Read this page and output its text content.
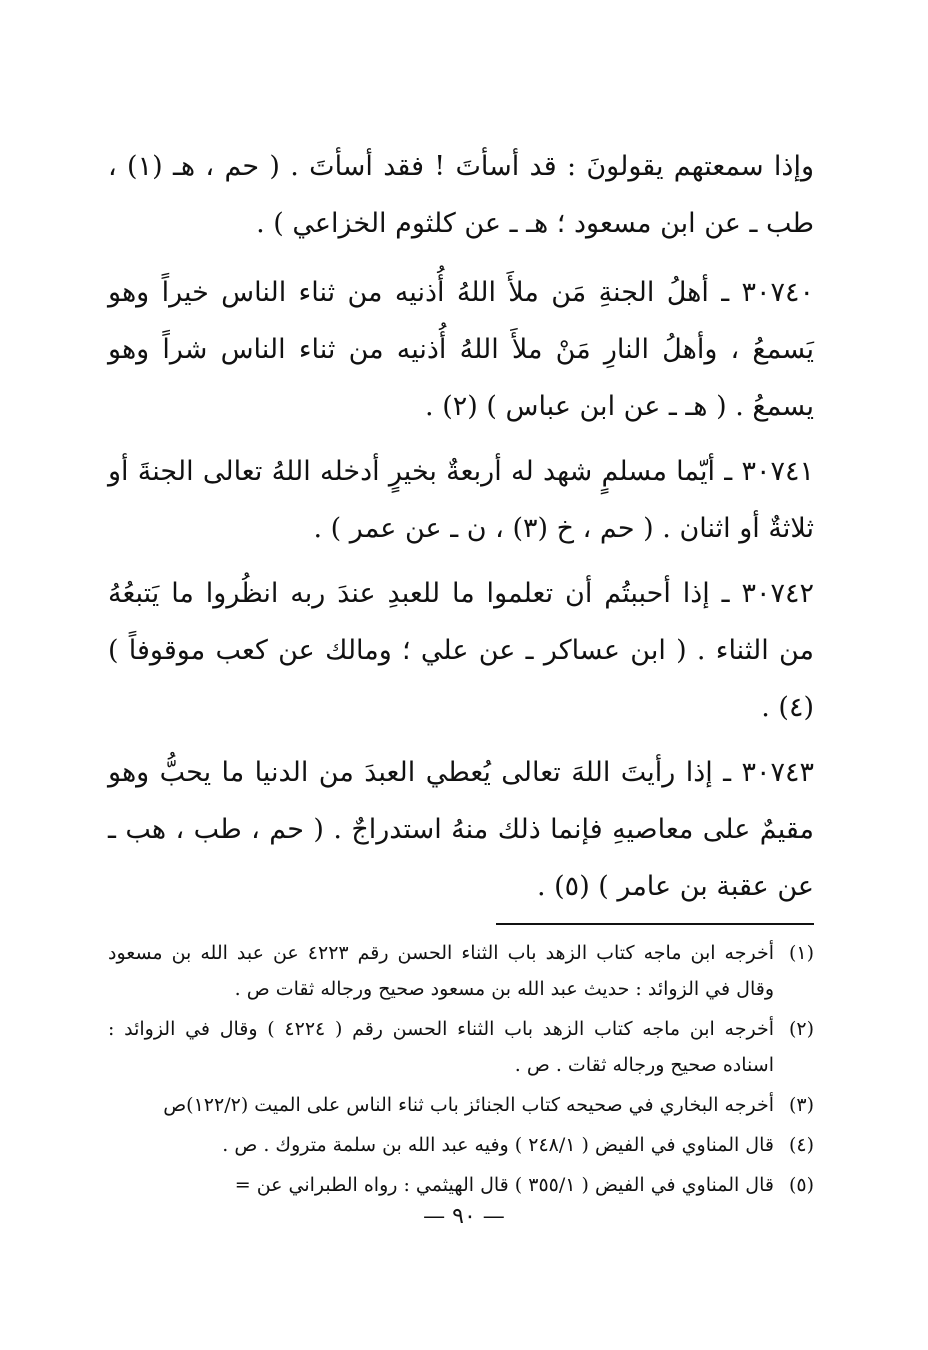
وإذا سمعتهم يقولونَ : قد أسأتَ ! فقد أسأتَ . ( حم ، هـ (١) ، طب ـ عن ابن مسعود ؛ هـ ـ عن كلثوم الخزاعي ) .

٣٠٧٤٠ ـ أهلُ الجنةِ مَن ملأَ اللهُ أُذنيه من ثناء الناس خيراً وهو يَسمعُ ، وأهلُ النارِ مَنْ ملأَ اللهُ أُذنيه من ثناء الناس شراً وهو يسمعُ . ( هـ ـ عن ابن عباس ) (٢) .

٣٠٧٤١ ـ أيّما مسلمٍ شهد له أربعةٌ بخيرٍ أدخله اللهُ تعالى الجنةَ أو ثلاثةٌ أو اثنان . ( حم ، خ (٣) ، ن ـ عن عمر ) .

٣٠٧٤٢ ـ إذا أحببتُم أن تعلموا ما للعبدِ عندَ ربه انظُروا ما يَتبعُهُ من الثناء . ( ابن عساكر ـ عن علي ؛ ومالك عن كعب موقوفاً ) (٤) .

٣٠٧٤٣ ـ إذا رأيتَ اللهَ تعالى يُعطي العبدَ من الدنيا ما يحبُّ وهو مقيمٌ على معاصيهِ فإنما ذلك منهُ استدراجٌ . ( حم ، طب ، هب ـ عن عقبة بن عامر ) (٥) .

(١)
أخرجه ابن ماجه كتاب الزهد باب الثناء الحسن رقم ٤٢٢٣ عن عبد الله بن مسعود وقال في الزوائد : حديث عبد الله بن مسعود صحيح ورجاله ثقات ص .
(٢)
أخرجه ابن ماجه كتاب الزهد باب الثناء الحسن رقم ( ٤٢٢٤ ) وقال في الزوائد : اسناده صحيح ورجاله ثقات . ص .
(٣)
أخرجه البخاري في صحيحه كتاب الجنائز باب ثناء الناس على الميت (١٢٢/٢)ص
(٤)
قال المناوي في الفيض ( ٢٤٨/١ ) وفيه عبد الله بن سلمة متروك . ص .
(٥)
قال المناوي في الفيض ( ٣٥٥/١ ) قال الهيثمي : رواه الطبراني عن =
— ٩٠ —
